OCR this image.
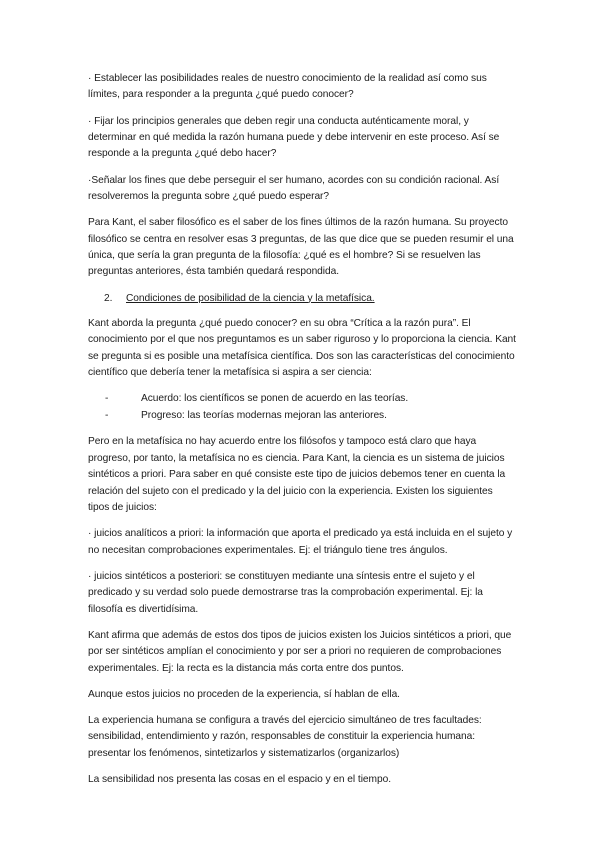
· Establecer las posibilidades reales de nuestro conocimiento de la realidad así como sus límites, para responder a la pregunta ¿qué puedo conocer?

· Fijar los principios generales que deben regir una conducta auténticamente moral, y determinar en qué medida la razón humana puede y debe intervenir en este proceso. Así se responde a la pregunta ¿qué debo hacer?

·Señalar los fines que debe perseguir el ser humano, acordes con su condición racional. Así resolveremos la pregunta sobre ¿qué puedo esperar?

Para Kant, el saber filosófico es el saber de los fines últimos de la razón humana. Su proyecto filosófico se centra en resolver esas 3 preguntas, de las que dice que se pueden resumir el una única, que sería la gran pregunta de la filosofía: ¿qué es el hombre? Si se resuelven las preguntas anteriores, ésta también quedará respondida.

2. Condiciones de posibilidad de la ciencia y la metafísica.

Kant aborda la pregunta ¿qué puedo conocer? en su obra “Crítica a la razón pura”. El conocimiento por el que nos preguntamos es un saber riguroso y lo proporciona la ciencia. Kant se pregunta si es posible una metafísica científica. Dos son las características del conocimiento científico que debería tener la metafísica si aspira a ser ciencia:

-	Acuerdo: los científicos se ponen de acuerdo en las teorías.
-	Progreso: las teorías modernas mejoran las anteriores.

Pero en la metafísica no hay acuerdo entre los filósofos y tampoco está claro que haya progreso, por tanto, la metafísica no es ciencia. Para Kant, la ciencia es un sistema de juicios sintéticos a priori. Para saber en qué consiste este tipo de juicios debemos tener en cuenta la relación del sujeto con el predicado y la del juicio con la experiencia. Existen los siguientes tipos de juicios:

· juicios analíticos a priori: la información que aporta el predicado ya está incluida en el sujeto y no necesitan comprobaciones experimentales. Ej: el triángulo tiene tres ángulos.

· juicios sintéticos a posteriori: se constituyen mediante una síntesis entre el sujeto y el predicado y su verdad solo puede demostrarse tras la comprobación experimental. Ej: la filosofía es divertidísima.

Kant afirma que además de estos dos tipos de juicios existen los Juicios sintéticos a priori, que por ser sintéticos amplían el conocimiento y por ser a priori no requieren de comprobaciones experimentales. Ej: la recta es la distancia más corta entre dos puntos.

Aunque estos juicios no proceden de la experiencia, sí hablan de ella.

La experiencia humana se configura a través del ejercicio simultáneo de tres facultades: sensibilidad, entendimiento y razón, responsables de constituir la experiencia humana: presentar los fenómenos, sintetizarlos y sistematizarlos (organizarlos)

La sensibilidad nos presenta las cosas en el espacio y en el tiempo.
